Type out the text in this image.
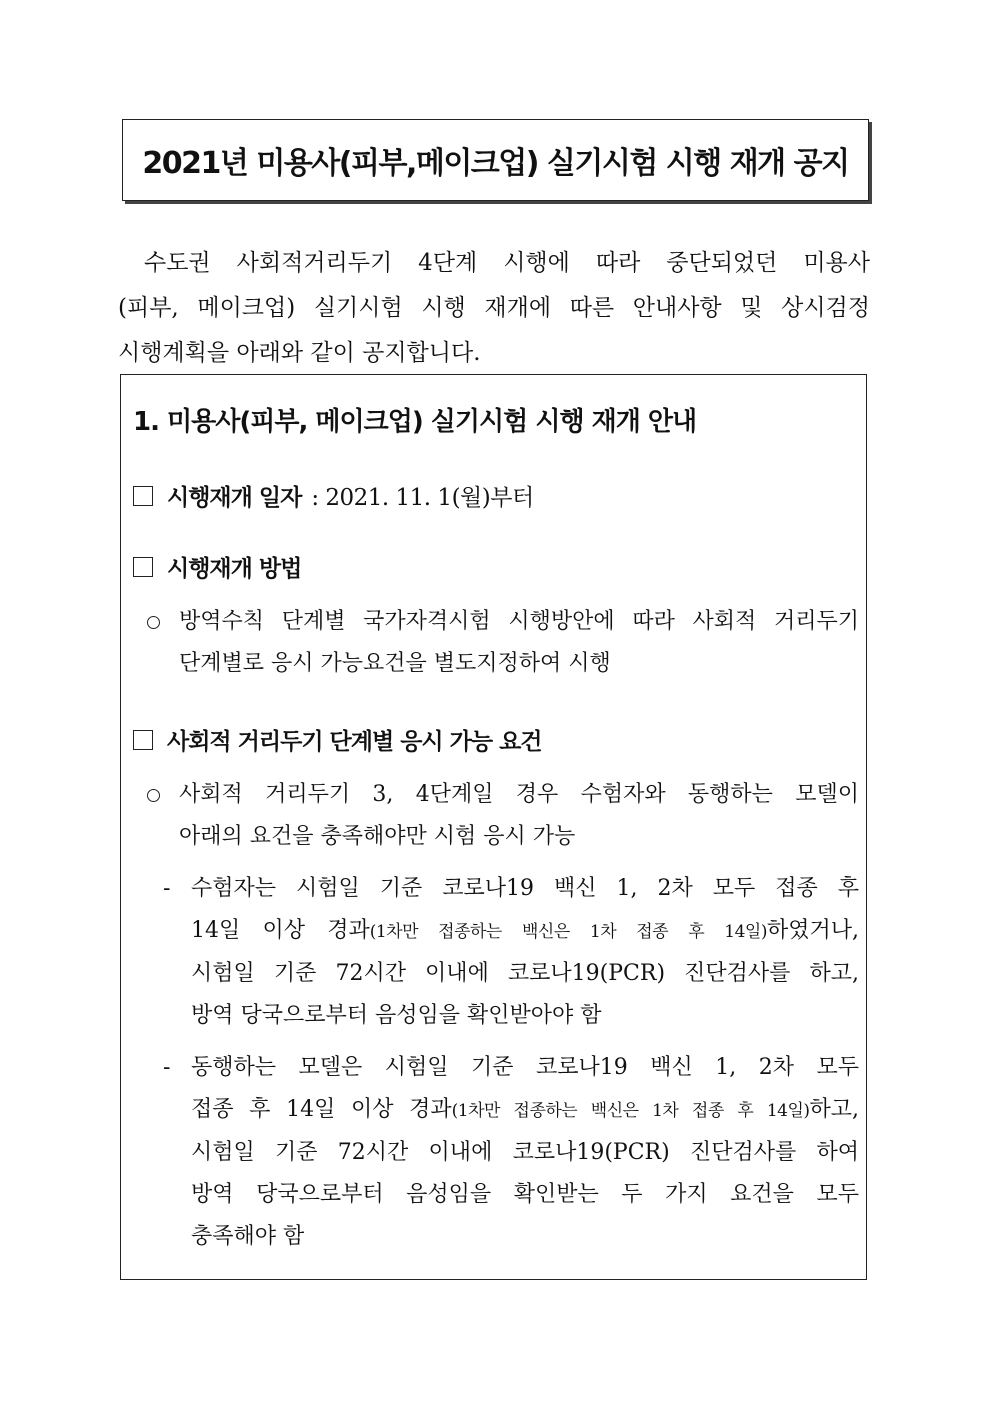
2021년 미용사(피부,메이크업) 실기시험 시행 재개 공지
수도권 사회적거리두기 4단계 시행에 따라 중단되었던 미용사
(피부, 메이크업) 실기시험 시행 재개에 따른 안내사항 및 상시검정
시행계획을 아래와 같이 공지합니다.
1. 미용사(피부, 메이크업) 실기시험 시행 재개 안내
시행재개 일자 : 2021. 11. 1(월)부터
시행재개 방법
방역수칙 단계별 국가자격시험 시행방안에 따라 사회적 거리두기
단계별로 응시 가능요건을 별도지정하여 시행
사회적 거리두기 단계별 응시 가능 요건
사회적 거리두기 3, 4단계일 경우 수험자와 동행하는 모델이
아래의 요건을 충족해야만 시험 응시 가능
- 수험자는 시험일 기준 코로나19 백신 1, 2차 모두 접종 후
14일 이상 경과(1차만 접종하는 백신은 1차 접종 후 14일)하였거나,
시험일 기준 72시간 이내에 코로나19(PCR) 진단검사를 하고,
방역 당국으로부터 음성임을 확인받아야 함
- 동행하는 모델은 시험일 기준 코로나19 백신 1, 2차 모두
접종 후 14일 이상 경과(1차만 접종하는 백신은 1차 접종 후 14일)하고,
시험일 기준 72시간 이내에 코로나19(PCR) 진단검사를 하여
방역 당국으로부터 음성임을 확인받는 두 가지 요건을 모두
충족해야 함
